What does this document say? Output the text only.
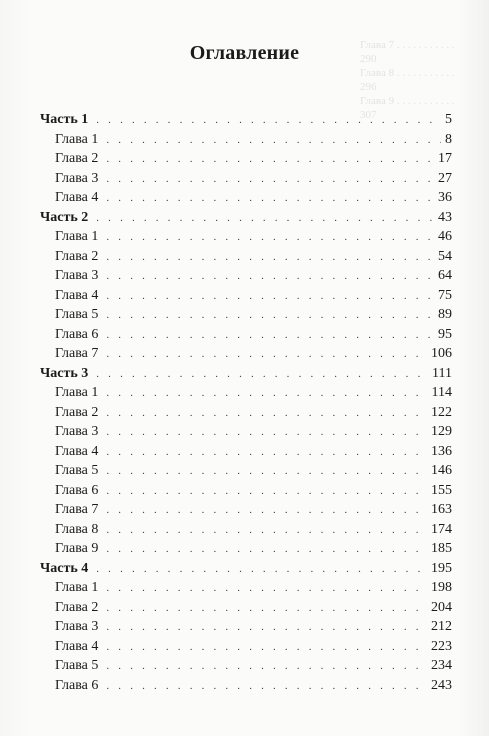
Глава 7 . . . . . . . . . . . 290
Глава 8 . . . . . . . . . . . 296
Глава 9 . . . . . . . . . . . 307
Оглавление
Часть 1 . . .	5
Глава 1 . . .	8
Глава 2 . . .	17
Глава 3 . . .	27
Глава 4 . . .	36
Часть 2 . . .	43
Глава 1 . . .	46
Глава 2 . . .	54
Глава 3 . . .	64
Глава 4 . . .	75
Глава 5 . . .	89
Глава 6 . . .	95
Глава 7 . . .	106
Часть 3 . . .	111
Глава 1 . . .	114
Глава 2 . . .	122
Глава 3 . . .	129
Глава 4 . . .	136
Глава 5 . . .	146
Глава 6 . . .	155
Глава 7 . . .	163
Глава 8 . . .	174
Глава 9 . . .	185
Часть 4 . . .	195
Глава 1 . . .	198
Глава 2 . . .	204
Глава 3 . . .	212
Глава 4 . . .	223
Глава 5 . . .	234
Глава 6 . . .	243
